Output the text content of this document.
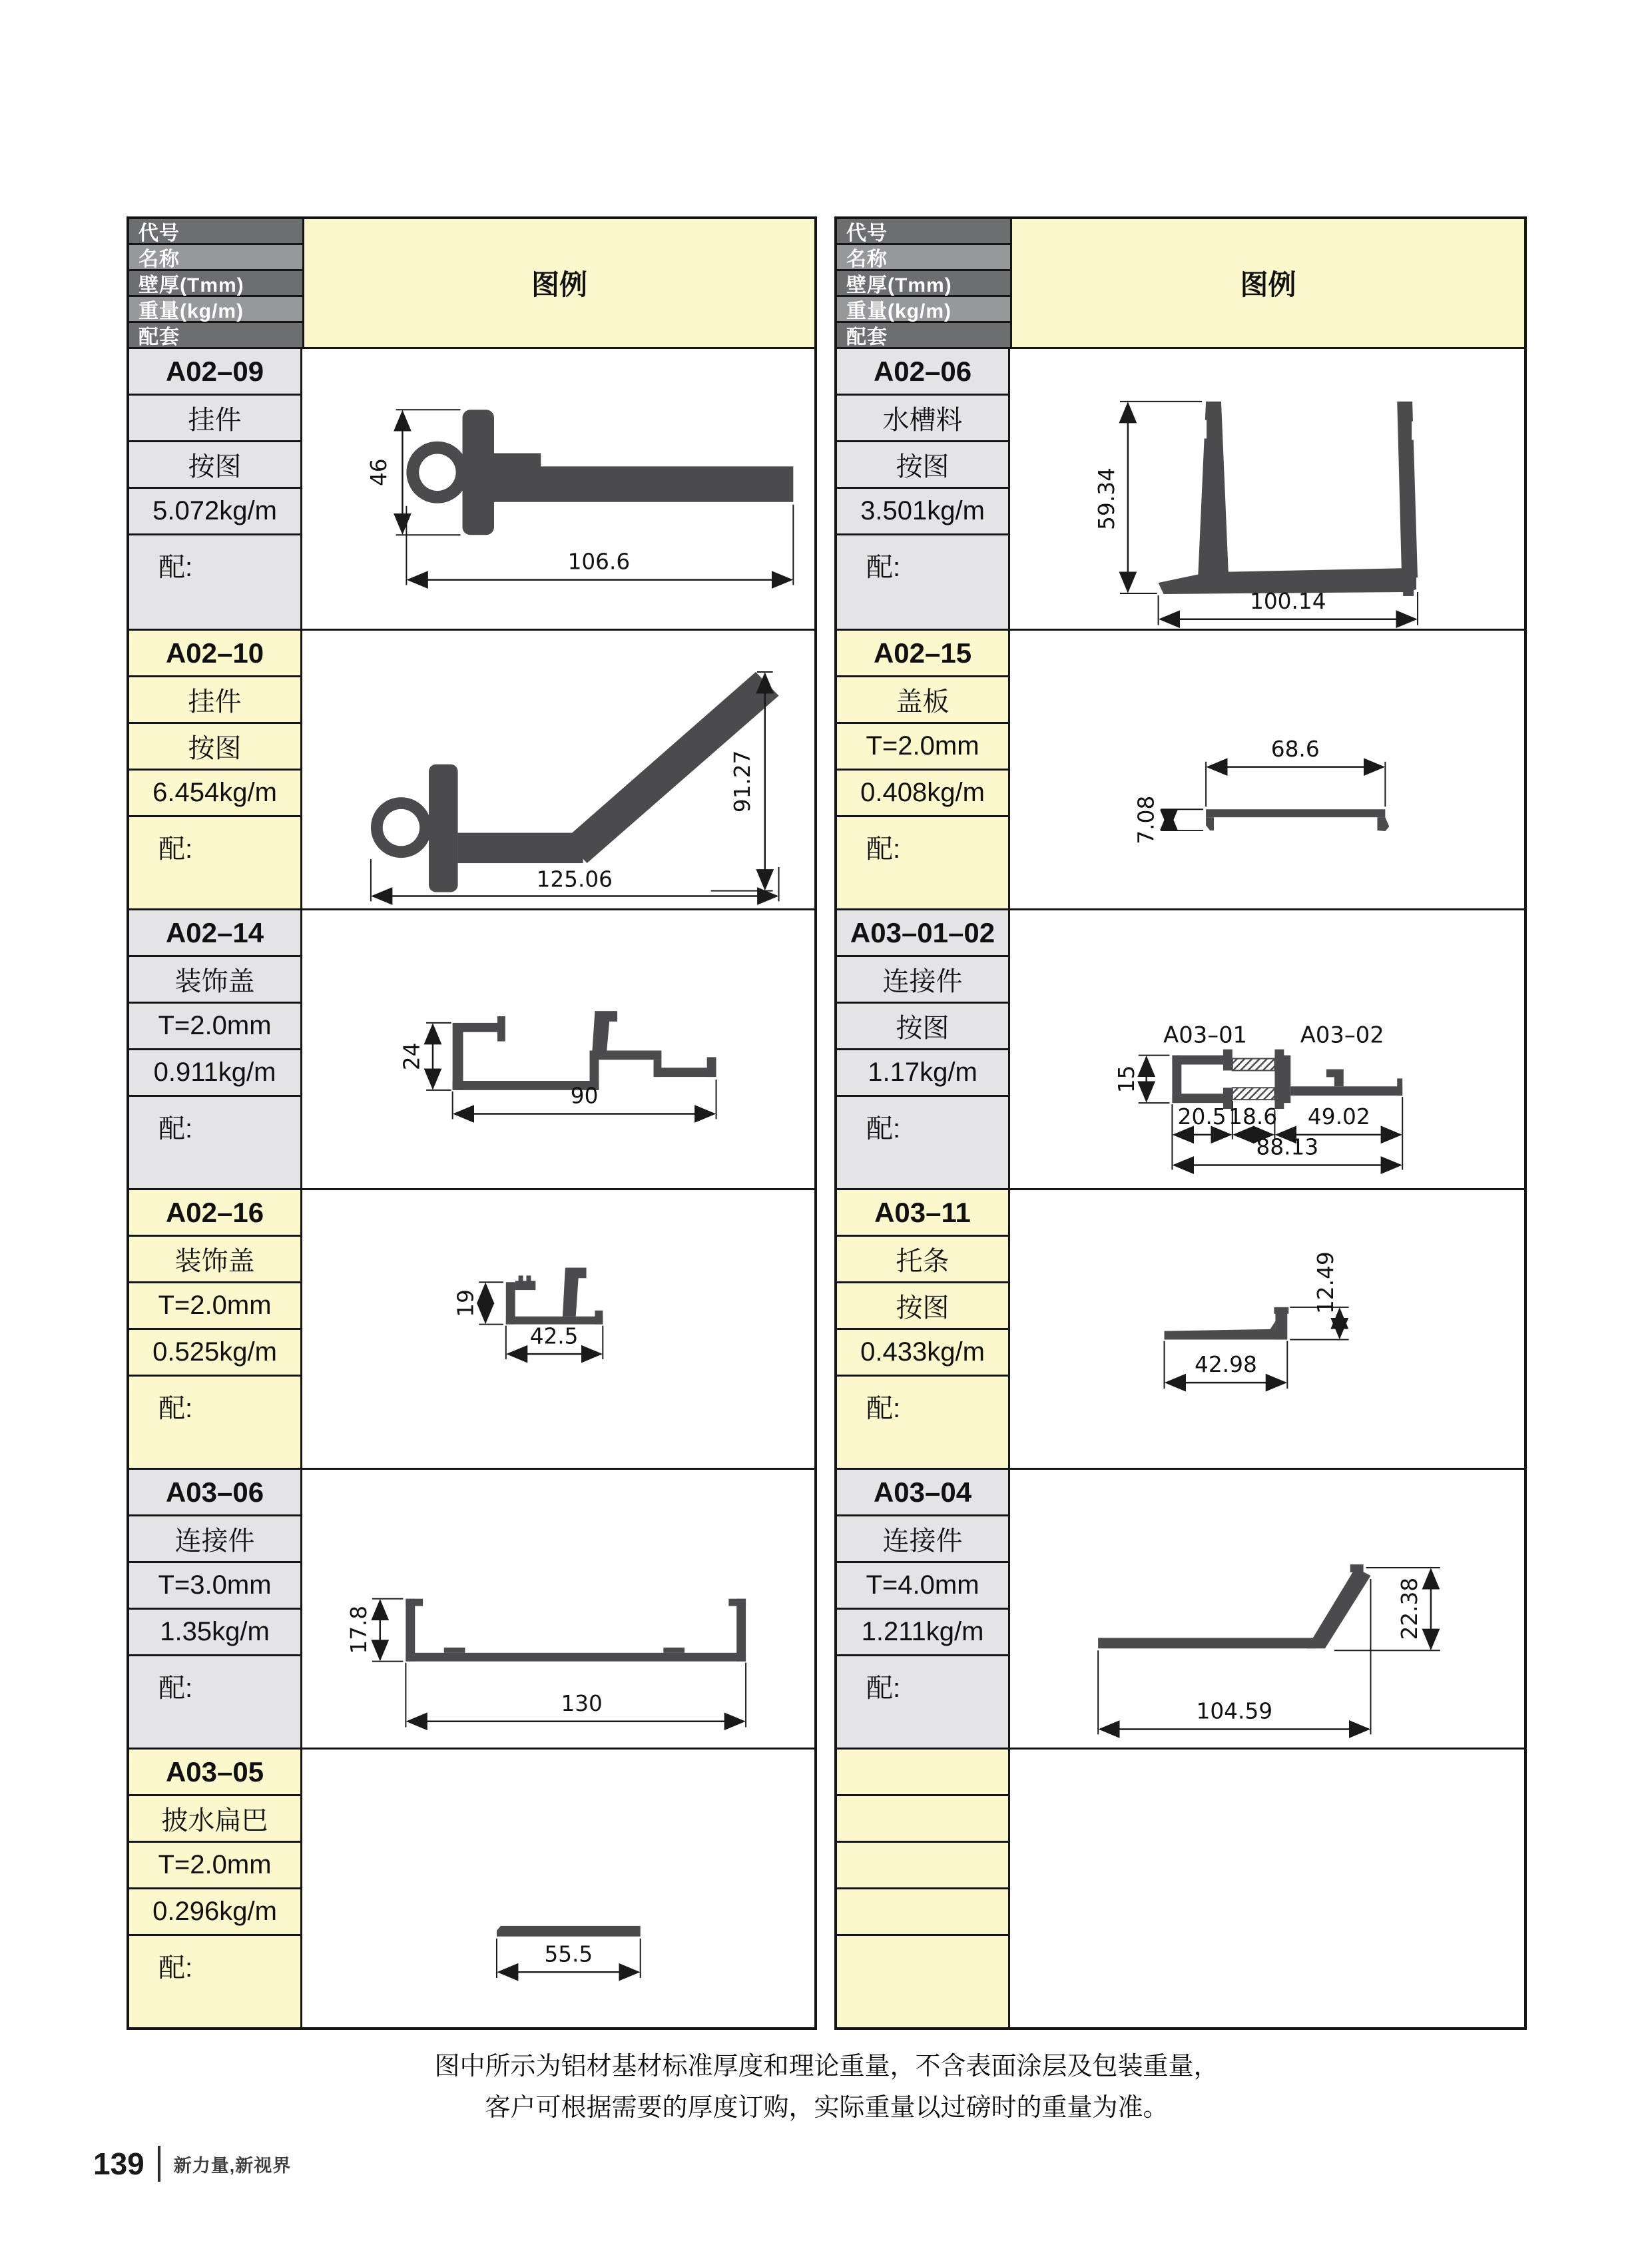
图例
代号
名称
壁厚(Tmm)
重量(kg/m)
配套
A02–09
挂件
按图
5.072kg/m
配:
46
106.6
A02–10
挂件
按图
6.454kg/m
配:
91.27
125.06
A02–14
装饰盖
T=2.0mm
0.911kg/m
配:
24
90
A02–16
装饰盖
T=2.0mm
0.525kg/m
配:
19
42.5
A03–06
连接件
T=3.0mm
1.35kg/m
配:
17.8
130
A03–05
披水扁巴
T=2.0mm
0.296kg/m
配:	55.5
图例
代号
名称
壁厚(Tmm)
重量(kg/m)
配套
A02–06
水槽料
按图
3.501kg/m
配:
59.34
100.14
A02–15
盖板
T=2.0mm
0.408kg/m
配:
68.6
7.08
A03–01–02
连接件
按图
1.17kg/m
配:
A03–01 A03–02
15
20.5 18.6 49.02
88.13
A03–11
托条
按图
0.433kg/m
配:
12.49
42.98
A03–04
连接件
T=4.0mm
1.211kg/m
配:
22.38
104.59
图中所示为铝材基材标准厚度和理论重量，不含表面涂层及包装重量，
客户可根据需要的厚度订购，实际重量以过磅时的重量为准。
139 新力量,新视界
